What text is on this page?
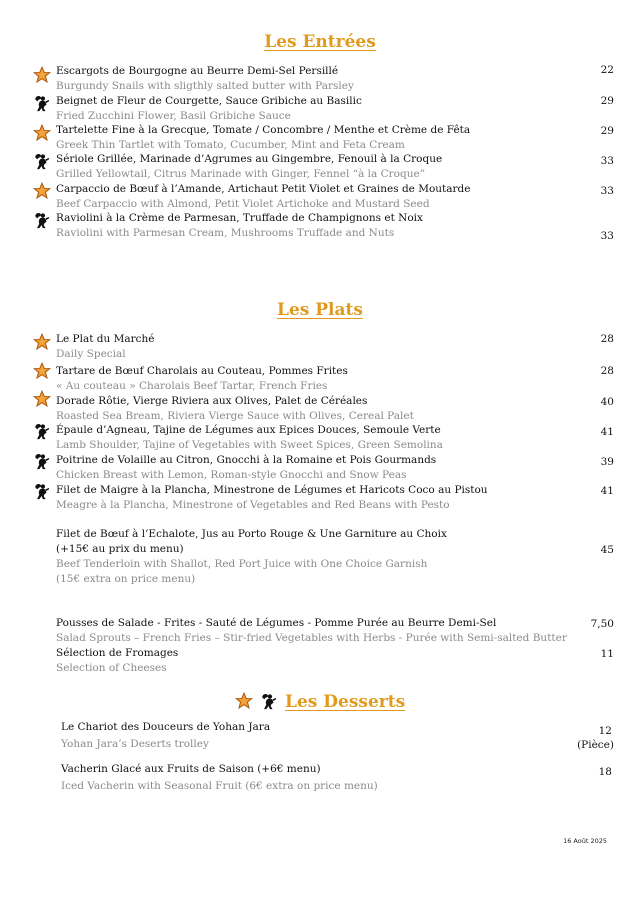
Les Entrées
Escargots de Bourgogne au Beurre Demi-Sel Persillé
Burgundy Snails with sligthly salted butter with Parsley
22
Beignet de Fleur de Courgette, Sauce Gribiche au Basilic
Fried Zucchini Flower, Basil Gribiche Sauce
29
Tartelette Fine à la Grecque, Tomate / Concombre / Menthe et Crème de Fêta
Greek Thin Tartlet with Tomato, Cucumber, Mint and Feta Cream
29
Sériole Grillée, Marinade d’Agrumes au Gingembre, Fenouil à la Croque
Grilled Yellowtail, Citrus Marinade with Ginger, Fennel “à la Croque”
33
Carpaccio de Bœuf à l’Amande, Artichaut Petit Violet et Graines de Moutarde
Beef Carpaccio with Almond, Petit Violet Artichoke and Mustard Seed
33
Raviolini à la Crème de Parmesan, Truffade de Champignons et Noix
Raviolini with Parmesan Cream, Mushrooms Truffade and Nuts	33
Les Plats
Le Plat du Marché
Daily Special
28
Tartare de Bœuf Charolais au Couteau, Pommes Frites
« Au couteau » Charolais Beef Tartar, French Fries
28
Dorade Rôtie, Vierge Riviera aux Olives, Palet de Céréales
Roasted Sea Bream, Riviera Vierge Sauce with Olives, Cereal Palet
40
Épaule d’Agneau, Tajine de Légumes aux Epices Douces, Semoule Verte
Lamb Shoulder, Tajine of Vegetables with Sweet Spices, Green Semolina
41
Poitrine de Volaille au Citron, Gnocchi à la Romaine et Pois Gourmands
Chicken Breast with Lemon, Roman-style Gnocchi and Snow Peas
39
Filet de Maigre à la Plancha, Minestrone de Légumes et Haricots Coco au Pistou
Meagre à la Plancha, Minestrone of Vegetables and Red Beans with Pesto
41
Filet de Bœuf à l’Echalote, Jus au Porto Rouge & Une Garniture au Choix
(+15€ au prix du menu)
Beef Tenderloin with Shallot, Red Port Juice with One Choice Garnish
(15€ extra on price menu)
45
Pousses de Salade - Frites - Sauté de Légumes - Pomme Purée au Beurre Demi-Sel
Salad Sprouts – French Fries – Stir-fried Vegetables with Herbs - Purée with Semi-salted Butter
7,50
Sélection de Fromages
Selection of Cheeses
11

Les Desserts
Le Chariot des Douceurs de Yohan Jara
Yohan Jara’s Deserts trolley
12
(Pièce)
Vacherin Glacé aux Fruits de Saison (+6€ menu)
Iced Vacherin with Seasonal Fruit (6€ extra on price menu)
18
16 Août 2025
